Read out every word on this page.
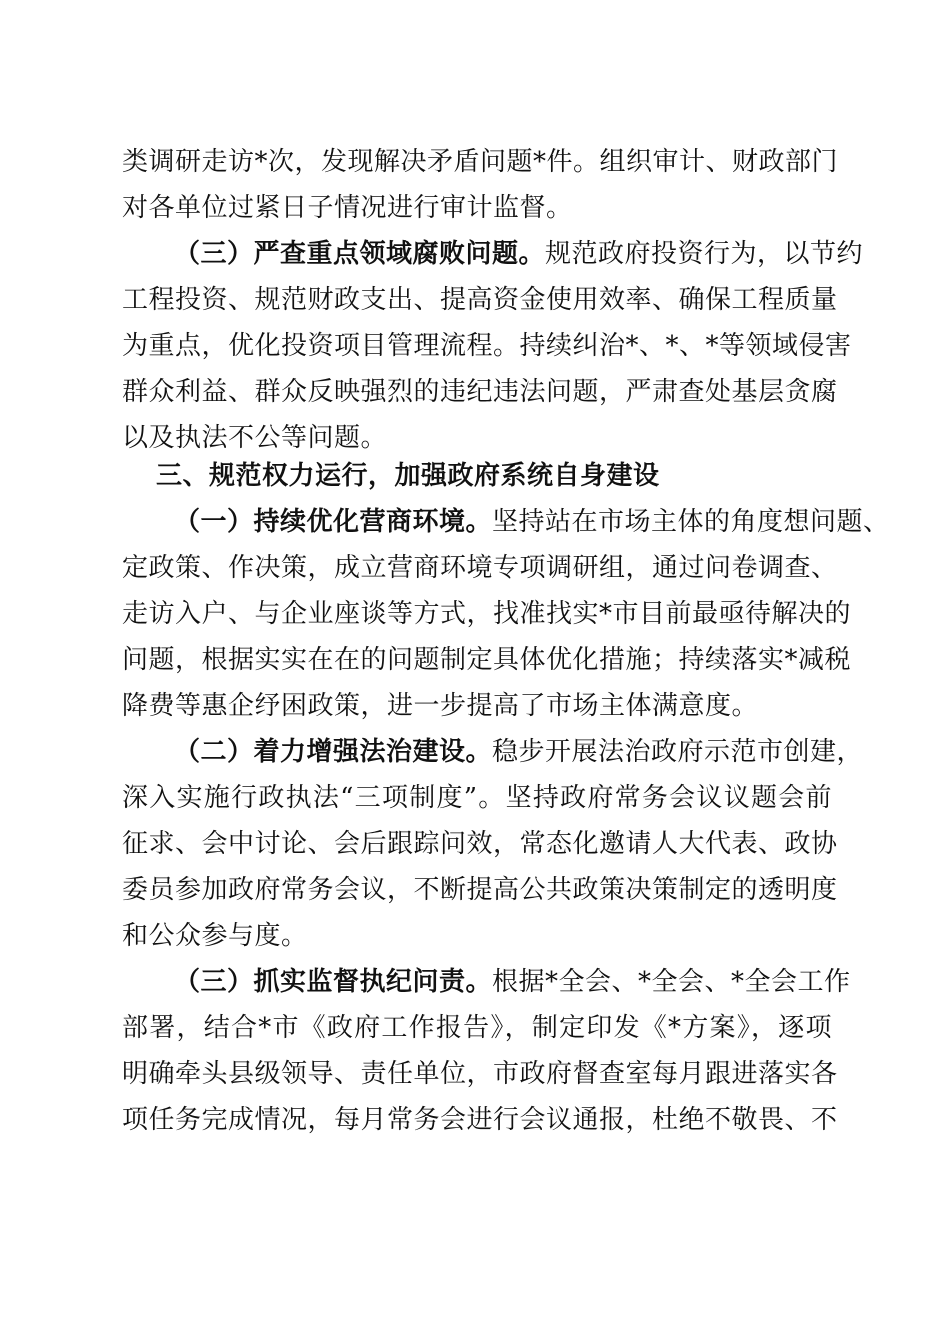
类调研走访*次，发现解决矛盾问题*件。组织审计、财政部门
对各单位过紧日子情况进行审计监督。
（三）严查重点领域腐败问题。规范政府投资行为，以节约
工程投资、规范财政支出、提高资金使用效率、确保工程质量
为重点，优化投资项目管理流程。持续纠治*、*、*等领域侵害
群众利益、群众反映强烈的违纪违法问题，严肃查处基层贪腐
以及执法不公等问题。
三、规范权力运行，加强政府系统自身建设
（一）持续优化营商环境。坚持站在市场主体的角度想问题、
定政策、作决策，成立营商环境专项调研组，通过问卷调查、
走访入户、与企业座谈等方式，找准找实*市目前最亟待解决的
问题，根据实实在在的问题制定具体优化措施；持续落实*减税
降费等惠企纾困政策，进一步提高了市场主体满意度。
（二）着力增强法治建设。稳步开展法治政府示范市创建，
深入实施行政执法“三项制度”。坚持政府常务会议议题会前
征求、会中讨论、会后跟踪问效，常态化邀请人大代表、政协
委员参加政府常务会议，不断提高公共政策决策制定的透明度
和公众参与度。
（三）抓实监督执纪问责。根据*全会、*全会、*全会工作
部署，结合*市《政府工作报告》，制定印发《*方案》，逐项
明确牵头县级领导、责任单位，市政府督查室每月跟进落实各
项任务完成情况，每月常务会进行会议通报，杜绝不敬畏、不
